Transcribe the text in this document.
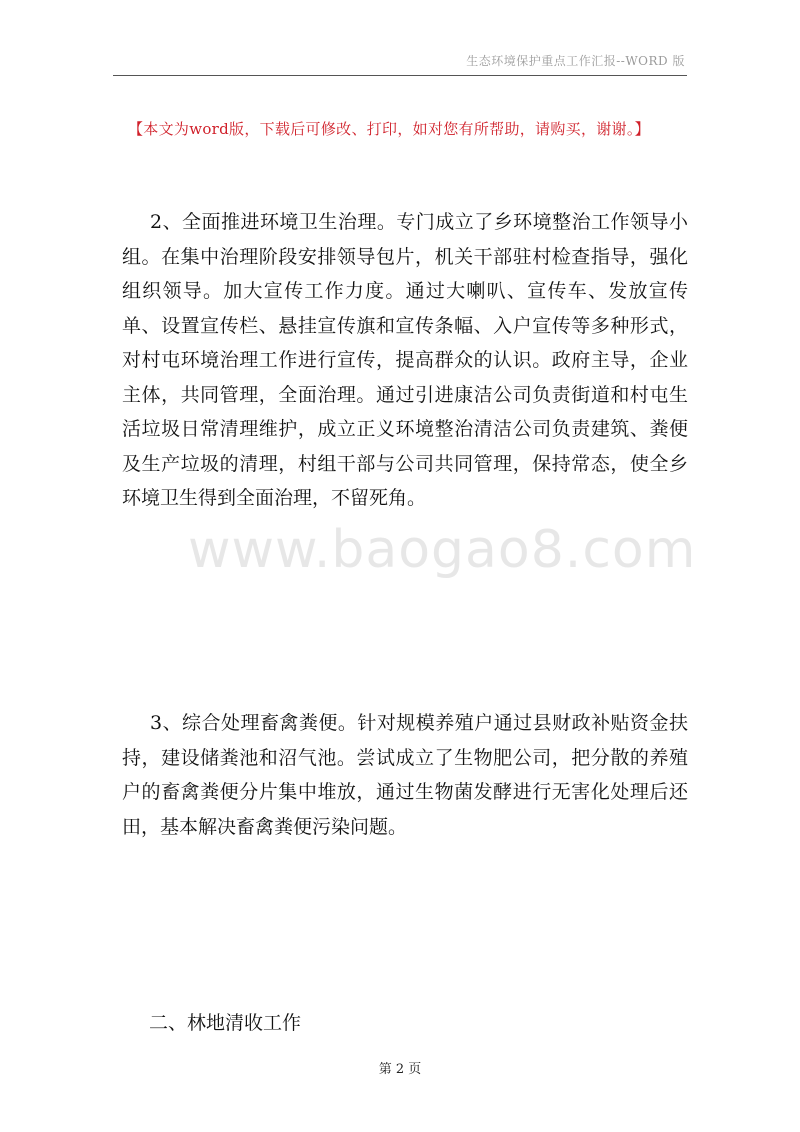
生态环境保护重点工作汇报--WORD 版
【本文为word版，下载后可修改、打印，如对您有所帮助，请购买，谢谢。】

2、全面推进环境卫生治理。专门成立了乡环境整治工作领导小组。在集中治理阶段安排领导包片，机关干部驻村检查指导，强化组织领导。加大宣传工作力度。通过大喇叭、宣传车、发放宣传单、设置宣传栏、悬挂宣传旗和宣传条幅、入户宣传等多种形式，对村屯环境治理工作进行宣传，提高群众的认识。政府主导，企业主体，共同管理，全面治理。通过引进康洁公司负责街道和村屯生活垃圾日常清理维护，成立正义环境整治清洁公司负责建筑、粪便及生产垃圾的清理，村组干部与公司共同管理，保持常态，使全乡环境卫生得到全面治理，不留死角。

www.baogao8.com

3、综合处理畜禽粪便。针对规模养殖户通过县财政补贴资金扶持，建设储粪池和沼气池。尝试成立了生物肥公司，把分散的养殖户的畜禽粪便分片集中堆放，通过生物菌发酵进行无害化处理后还田，基本解决畜禽粪便污染问题。

二、林地清收工作
第 2 页
